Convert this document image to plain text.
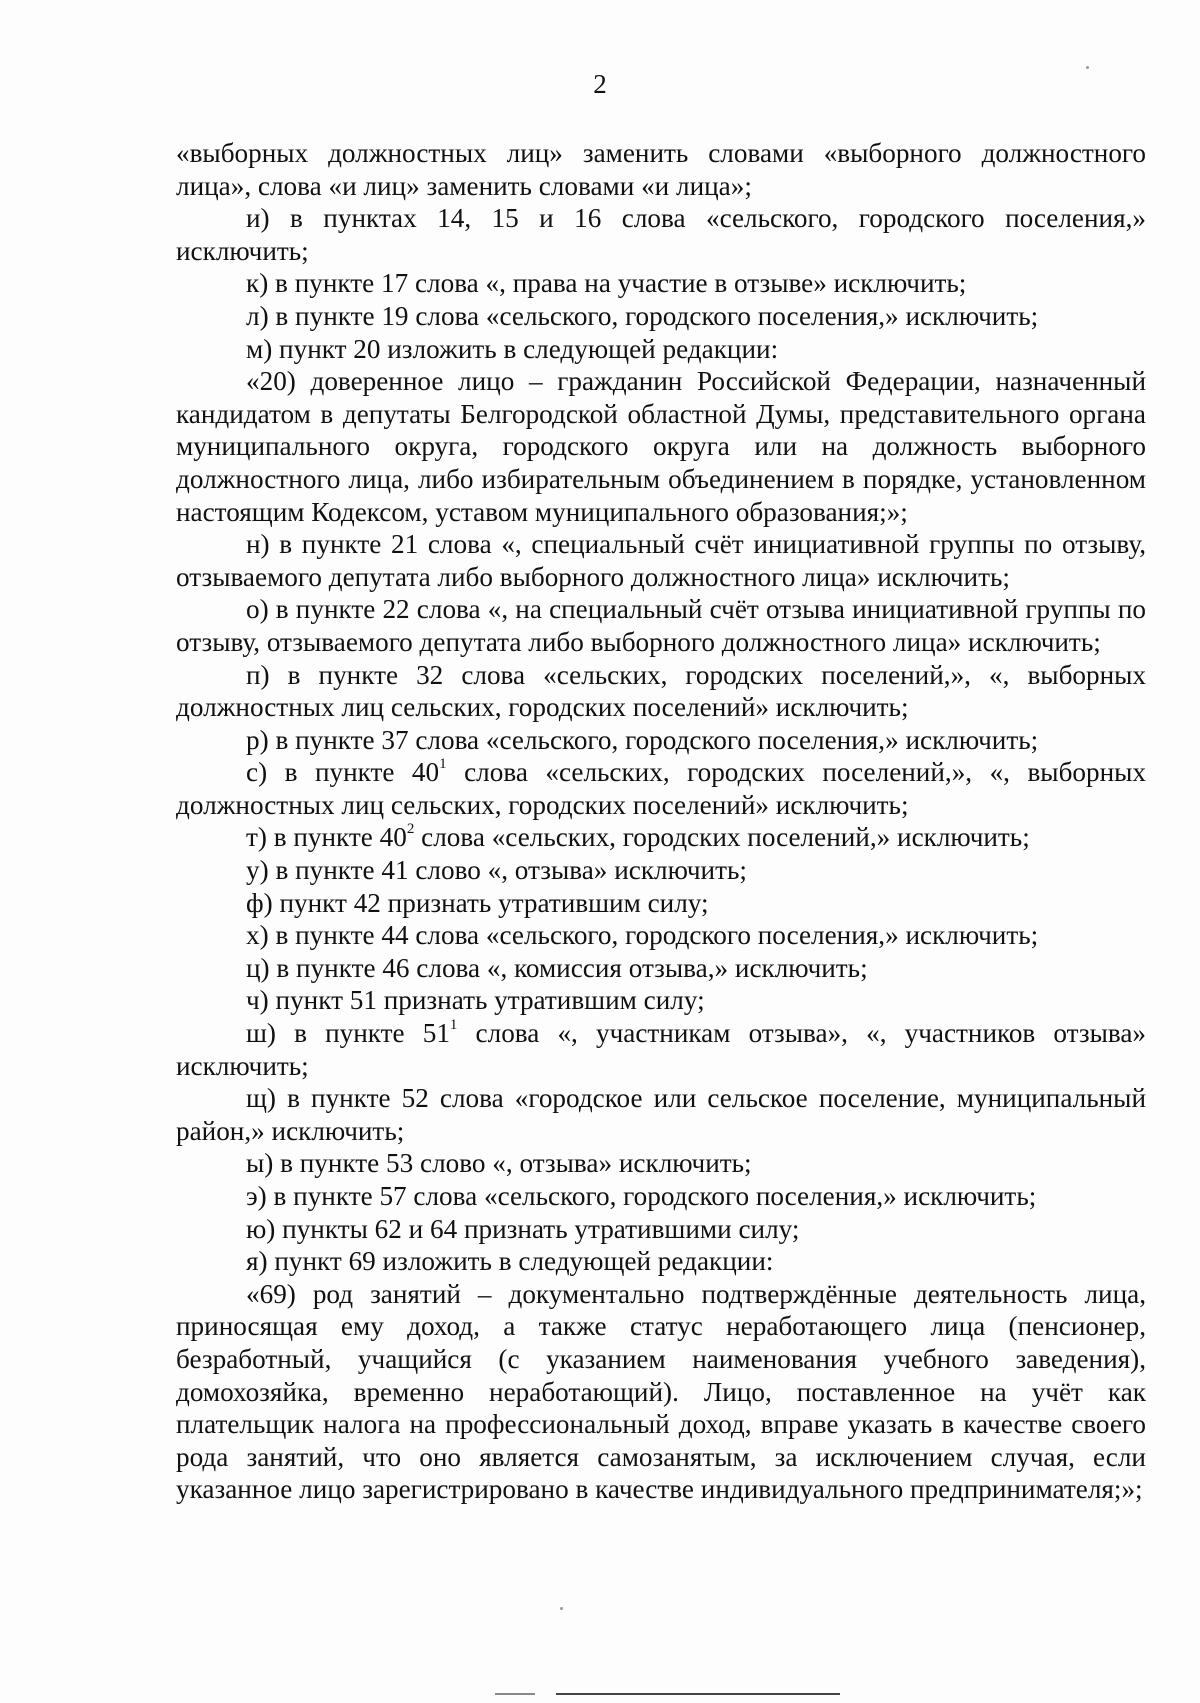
2

«выборных должностных лиц» заменить словами «выборного должностного лица», слова «и лиц» заменить словами «и лица»;

и) в пунктах 14, 15 и 16 слова «сельского, городского поселения,» исключить;

к) в пункте 17 слова «, права на участие в отзыве» исключить;

л) в пункте 19 слова «сельского, городского поселения,» исключить;

м) пункт 20 изложить в следующей редакции:

«20) доверенное лицо – гражданин Российской Федерации, назначенный кандидатом в депутаты Белгородской областной Думы, представительного органа муниципального округа, городского округа или на должность выборного должностного лица, либо избирательным объединением в порядке, установленном настоящим Кодексом, уставом муниципального образования;»;

н) в пункте 21 слова «, специальный счёт инициативной группы по отзыву, отзываемого депутата либо выборного должностного лица» исключить;

о) в пункте 22 слова «, на специальный счёт отзыва инициативной группы по отзыву, отзываемого депутата либо выборного должностного лица» исключить;

п) в пункте 32 слова «сельских, городских поселений,», «, выборных должностных лиц сельских, городских поселений» исключить;

р) в пункте 37 слова «сельского, городского поселения,» исключить;

с) в пункте $40^1$ слова «сельских, городских поселений,», «, выборных должностных лиц сельских, городских поселений» исключить;

т) в пункте $40^2$ слова «сельских, городских поселений,» исключить;

у) в пункте 41 слово «, отзыва» исключить;

ф) пункт 42 признать утратившим силу;

х) в пункте 44 слова «сельского, городского поселения,» исключить;

ц) в пункте 46 слова «, комиссия отзыва,» исключить;

ч) пункт 51 признать утратившим силу;

ш) в пункте $51^1$ слова «, участникам отзыва», «, участников отзыва» исключить;

щ) в пункте 52 слова «городское или сельское поселение, муниципальный район,» исключить;

ы) в пункте 53 слово «, отзыва» исключить;

э) в пункте 57 слова «сельского, городского поселения,» исключить;

ю) пункты 62 и 64 признать утратившими силу;

я) пункт 69 изложить в следующей редакции:

«69) род занятий – документально подтверждённые деятельность лица, приносящая ему доход, а также статус неработающего лица (пенсионер, безработный, учащийся (с указанием наименования учебного заведения), домохозяйка, временно неработающий). Лицо, поставленное на учёт как плательщик налога на профессиональный доход, вправе указать в качестве своего рода занятий, что оно является самозанятым, за исключением случая, если указанное лицо зарегистрировано в качестве индивидуального предпринимателя;»;
